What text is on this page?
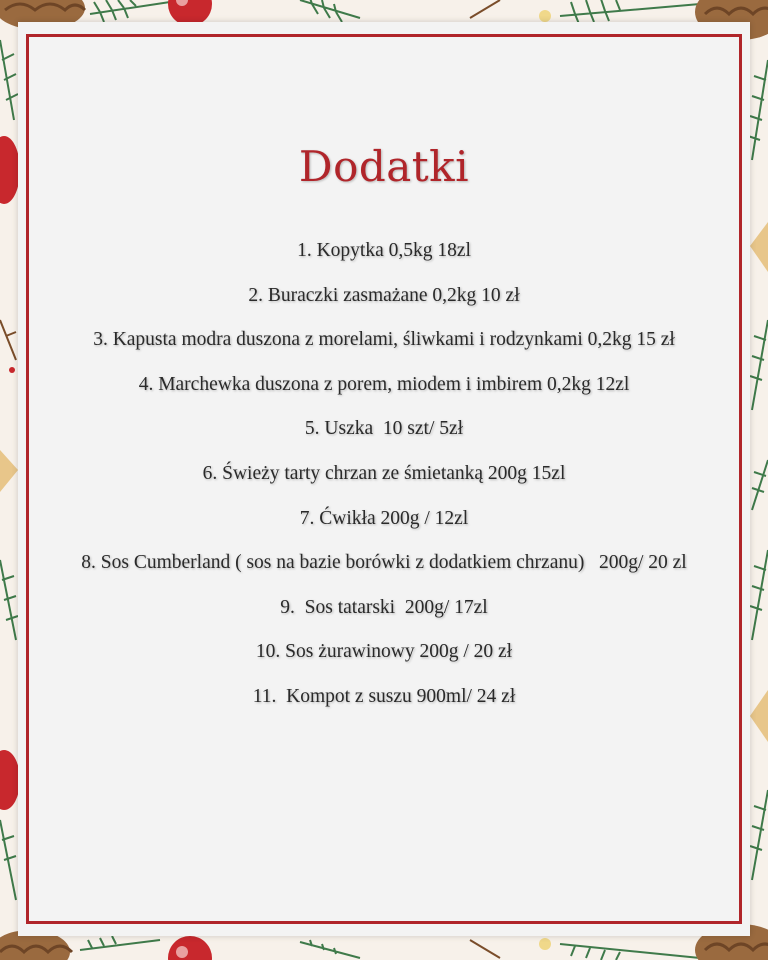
Dodatki
1. Kopytka 0,5kg 18zl
2. Buraczki zasmażane 0,2kg 10 zł
3. Kapusta modra duszona z morelami, śliwkami i rodzynkami 0,2kg 15 zł
4. Marchewka duszona z porem, miodem i imbirem 0,2kg 12zl
5. Uszka  10 szt/ 5zł
6. Świeży tarty chrzan ze śmietanką 200g 15zl
7. Ćwikła 200g / 12zl
8. Sos Cumberland ( sos na bazie borówki z dodatkiem chrzanu)   200g/ 20 zl
9.  Sos tatarski  200g/ 17zl
10. Sos żurawinowy 200g / 20 zł
11.  Kompot z suszu 900ml/ 24 zł
